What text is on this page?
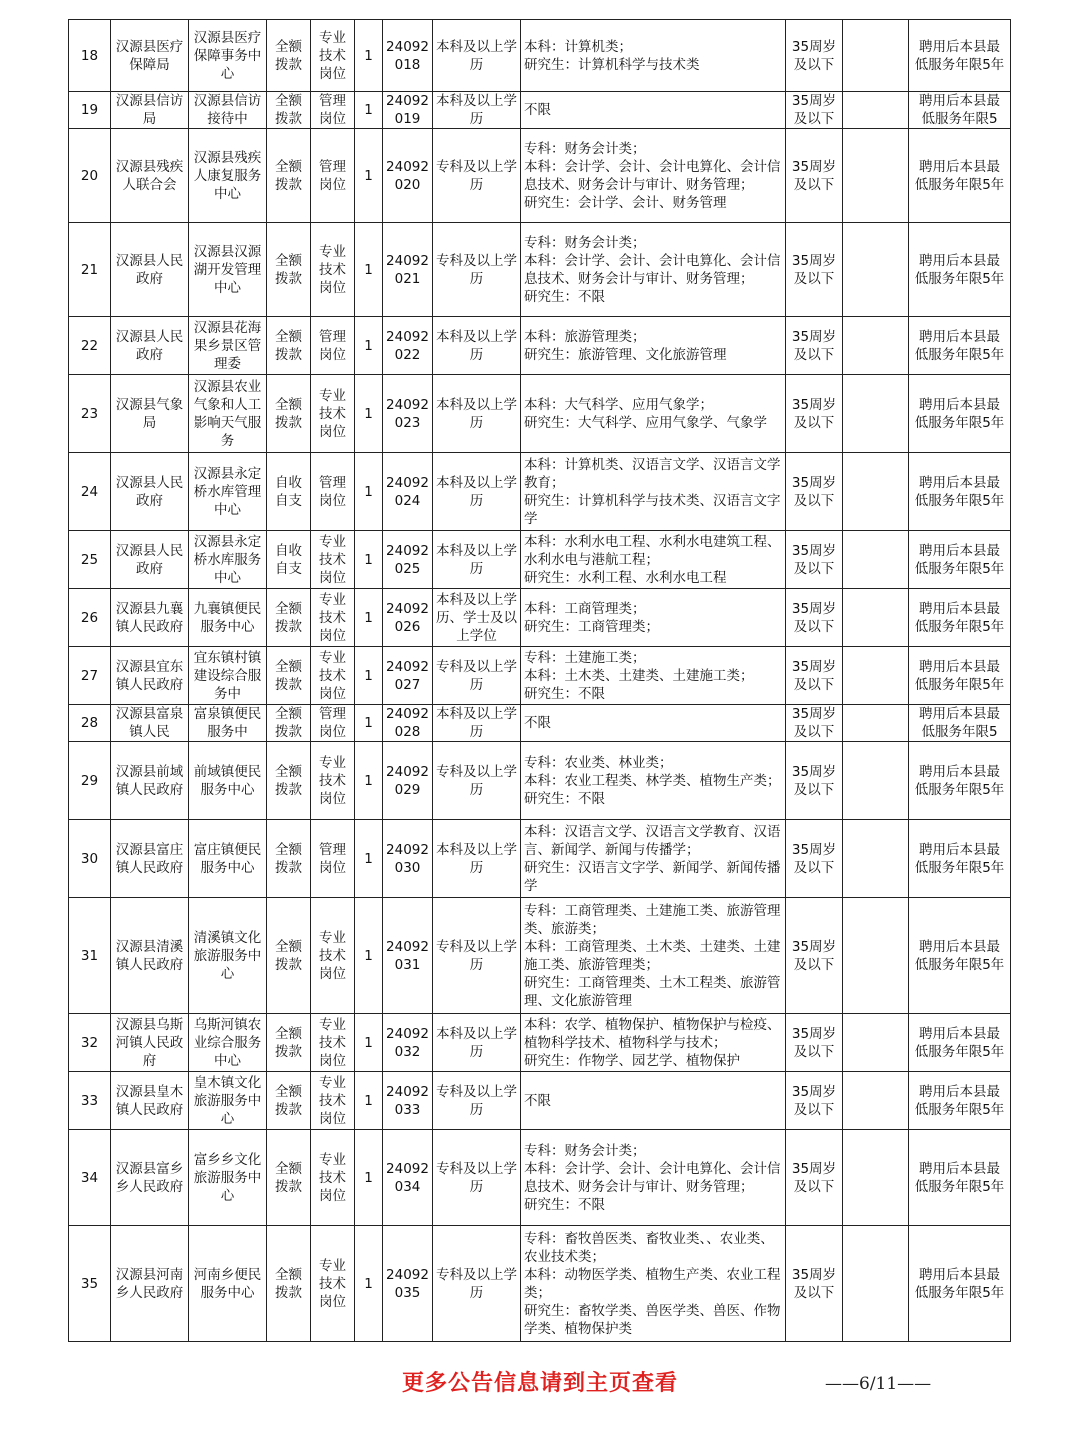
18	汉源县医疗保障局	汉源县医疗保障事务中心	全额拨款	专业技术岗位	1	24092018	本科及以上学历	本科：计算机类；
研究生：计算机科学与技术类	35周岁及以下		聘用后本县最低服务年限5年
19	汉源县信访局	汉源县信访接待中	全额拨款	管理岗位	1	24092019	本科及以上学历	不限	35周岁及以下		聘用后本县最低服务年限5
20	汉源县残疾人联合会	汉源县残疾人康复服务中心	全额拨款	管理岗位	1	24092020	专科及以上学历	专科：财务会计类；
本科：会计学、会计、会计电算化、会计信息技术、财务会计与审计、财务管理；
研究生：会计学、会计、财务管理	35周岁及以下		聘用后本县最低服务年限5年
21	汉源县人民政府	汉源县汉源湖开发管理中心	全额拨款	专业技术岗位	1	24092021	专科及以上学历	专科：财务会计类；
本科：会计学、会计、会计电算化、会计信息技术、财务会计与审计、财务管理；
研究生：不限	35周岁及以下		聘用后本县最低服务年限5年
22	汉源县人民政府	汉源县花海果乡景区管理委	全额拨款	管理岗位	1	24092022	本科及以上学历	本科：旅游管理类；
研究生：旅游管理、文化旅游管理	35周岁及以下		聘用后本县最低服务年限5年
23	汉源县气象局	汉源县农业气象和人工影响天气服务	全额拨款	专业技术岗位	1	24092023	本科及以上学历	本科：大气科学、应用气象学；
研究生：大气科学、应用气象学、气象学	35周岁及以下		聘用后本县最低服务年限5年
24	汉源县人民政府	汉源县永定桥水库管理中心	自收自支	管理岗位	1	24092024	本科及以上学历	本科：计算机类、汉语言文学、汉语言文学教育；
研究生：计算机科学与技术类、汉语言文字学	35周岁及以下		聘用后本县最低服务年限5年
25	汉源县人民政府	汉源县永定桥水库服务中心	自收自支	专业技术岗位	1	24092025	本科及以上学历	本科：水利水电工程、水利水电建筑工程、水利水电与港航工程；
研究生：水利工程、水利水电工程	35周岁及以下		聘用后本县最低服务年限5年
26	汉源县九襄镇人民政府	九襄镇便民服务中心	全额拨款	专业技术岗位	1	24092026	本科及以上学历、学士及以上学位	本科：工商管理类；
研究生：工商管理类；	35周岁及以下		聘用后本县最低服务年限5年
27	汉源县宜东镇人民政府	宜东镇村镇建设综合服务中	全额拨款	专业技术岗位	1	24092027	专科及以上学历	专科：土建施工类；
本科：土木类、土建类、土建施工类；
研究生：不限	35周岁及以下		聘用后本县最低服务年限5年
28	汉源县富泉镇人民	富泉镇便民服务中	全额拨款	管理岗位	1	24092028	本科及以上学历	不限	35周岁及以下		聘用后本县最低服务年限5
29	汉源县前域镇人民政府	前域镇便民服务中心	全额拨款	专业技术岗位	1	24092029	专科及以上学历	专科：农业类、林业类；
本科：农业工程类、林学类、植物生产类；
研究生：不限	35周岁及以下		聘用后本县最低服务年限5年
30	汉源县富庄镇人民政府	富庄镇便民服务中心	全额拨款	管理岗位	1	24092030	本科及以上学历	本科：汉语言文学、汉语言文学教育、汉语言、新闻学、新闻与传播学；
研究生：汉语言文字学、新闻学、新闻传播学	35周岁及以下		聘用后本县最低服务年限5年
31	汉源县清溪镇人民政府	清溪镇文化旅游服务中心	全额拨款	专业技术岗位	1	24092031	专科及以上学历	专科：工商管理类、土建施工类、旅游管理类、旅游类；
本科：工商管理类、土木类、土建类、土建施工类、旅游管理类；
研究生：工商管理类、土木工程类、旅游管理、文化旅游管理	35周岁及以下		聘用后本县最低服务年限5年
32	汉源县乌斯河镇人民政府	乌斯河镇农业综合服务中心	全额拨款	专业技术岗位	1	24092032	本科及以上学历	本科：农学、植物保护、植物保护与检疫、植物科学技术、植物科学与技术；
研究生：作物学、园艺学、植物保护	35周岁及以下		聘用后本县最低服务年限5年
33	汉源县皇木镇人民政府	皇木镇文化旅游服务中心	全额拨款	专业技术岗位	1	24092033	专科及以上学历	不限	35周岁及以下		聘用后本县最低服务年限5年
34	汉源县富乡乡人民政府	富乡乡文化旅游服务中心	全额拨款	专业技术岗位	1	24092034	专科及以上学历	专科：财务会计类；
本科：会计学、会计、会计电算化、会计信息技术、财务会计与审计、财务管理；
研究生：不限	35周岁及以下		聘用后本县最低服务年限5年
35	汉源县河南乡人民政府	河南乡便民服务中心	全额拨款	专业技术岗位	1	24092035	专科及以上学历	专科：畜牧兽医类、畜牧业类、、农业类、农业技术类；
本科：动物医学类、植物生产类、农业工程类；
研究生：畜牧学类、兽医学类、兽医、作物学类、植物保护类	35周岁及以下		聘用后本县最低服务年限5年
更多公告信息请到主页查看	——6/11——
